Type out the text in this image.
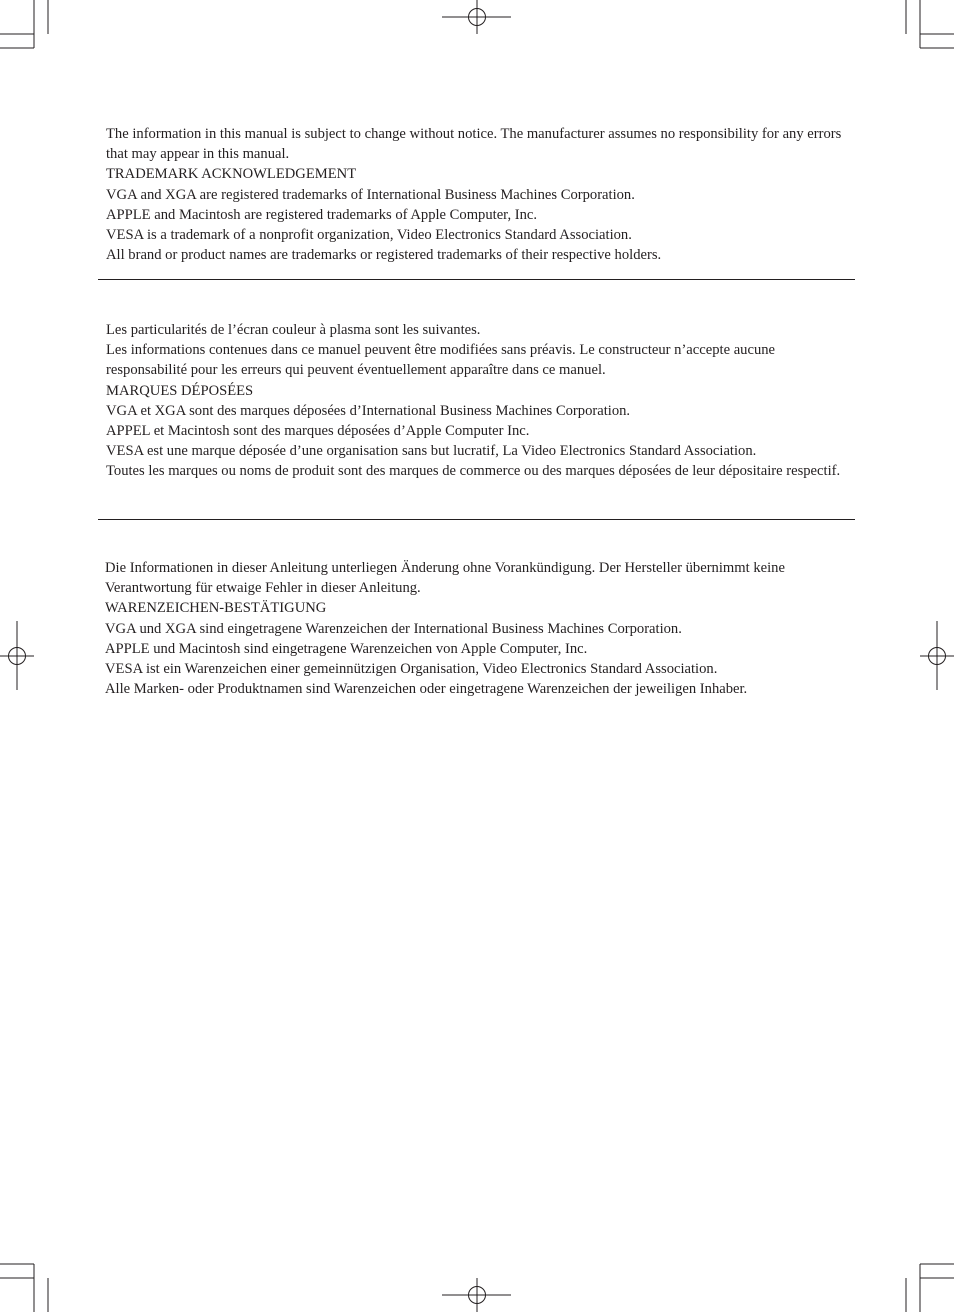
The information in this manual is subject to change without notice. The manufacturer assumes no responsibility for any errors that may appear in this manual.

TRADEMARK ACKNOWLEDGEMENT

VGA and XGA are registered trademarks of International Business Machines Corporation.

APPLE and Macintosh are registered trademarks of Apple Computer, Inc.

VESA is a trademark of a nonprofit organization, Video Electronics Standard Association.

All brand or product names are trademarks or registered trademarks of their respective holders.

Les particularités de l’écran couleur à plasma sont les suivantes.

Les informations contenues dans ce manuel peuvent être modifiées sans préavis. Le constructeur n’accepte aucune responsabilité pour les erreurs qui peuvent éventuellement apparaître dans ce manuel.

MARQUES DÉPOSÉES

VGA et XGA sont des marques déposées d’International Business Machines Corporation.

APPEL et Macintosh sont des marques déposées d’Apple Computer Inc.

VESA est une marque déposée d’une organisation sans but lucratif, La Video Electronics Standard Association.

Toutes les marques ou noms de produit sont des marques de commerce ou des marques déposées de leur dépositaire respectif.

Die Informationen in dieser Anleitung unterliegen Änderung ohne Vorankündigung. Der Hersteller übernimmt keine Verantwortung für etwaige Fehler in dieser Anleitung.

WARENZEICHEN-BESTÄTIGUNG

VGA und XGA sind eingetragene Warenzeichen der International Business Machines Corporation.

APPLE und Macintosh sind eingetragene Warenzeichen von Apple Computer, Inc.

VESA ist ein Warenzeichen einer gemeinnützigen Organisation, Video Electronics Standard Association.

Alle Marken- oder Produktnamen sind Warenzeichen oder eingetragene Warenzeichen der jeweiligen Inhaber.
